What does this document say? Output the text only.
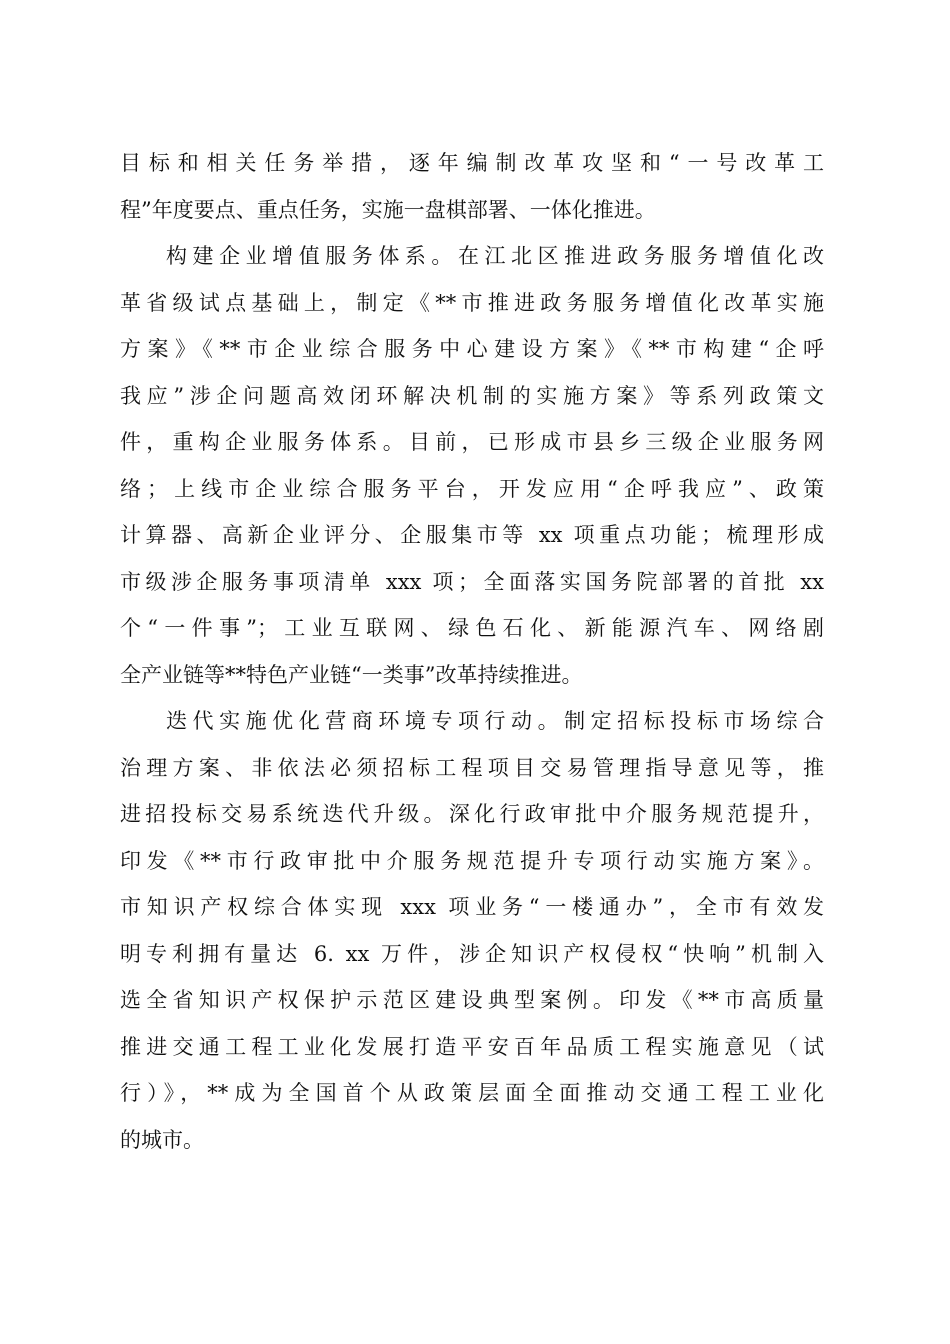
目标和相关任务举措，逐年编制改革攻坚和“一号改革工
程”年度要点、重点任务，实施一盘棋部署、一体化推进。
构建企业增值服务体系。在江北区推进政务服务增值化改
革省级试点基础上，制定《**市推进政务服务增值化改革实施
方案》《**市企业综合服务中心建设方案》《**市构建“企呼
我应”涉企问题高效闭环解决机制的实施方案》等系列政策文
件，重构企业服务体系。目前，已形成市县乡三级企业服务网
络；上线市企业综合服务平台，开发应用“企呼我应”、政策
计算器、高新企业评分、企服集市等 xx 项重点功能；梳理形成
市级涉企服务事项清单 xxx 项；全面落实国务院部署的首批 xx
个“一件事”；工业互联网、绿色石化、新能源汽车、网络剧
全产业链等**特色产业链“一类事”改革持续推进。
迭代实施优化营商环境专项行动。制定招标投标市场综合
治理方案、非依法必须招标工程项目交易管理指导意见等，推
进招投标交易系统迭代升级。深化行政审批中介服务规范提升，
印发《**市行政审批中介服务规范提升专项行动实施方案》。
市知识产权综合体实现 xxx 项业务“一楼通办”，全市有效发
明专利拥有量达 6. xx 万件，涉企知识产权侵权“快响”机制入
选全省知识产权保护示范区建设典型案例。印发《**市高质量
推进交通工程工业化发展打造平安百年品质工程实施意见（试
行）》，**成为全国首个从政策层面全面推动交通工程工业化
的城市。
